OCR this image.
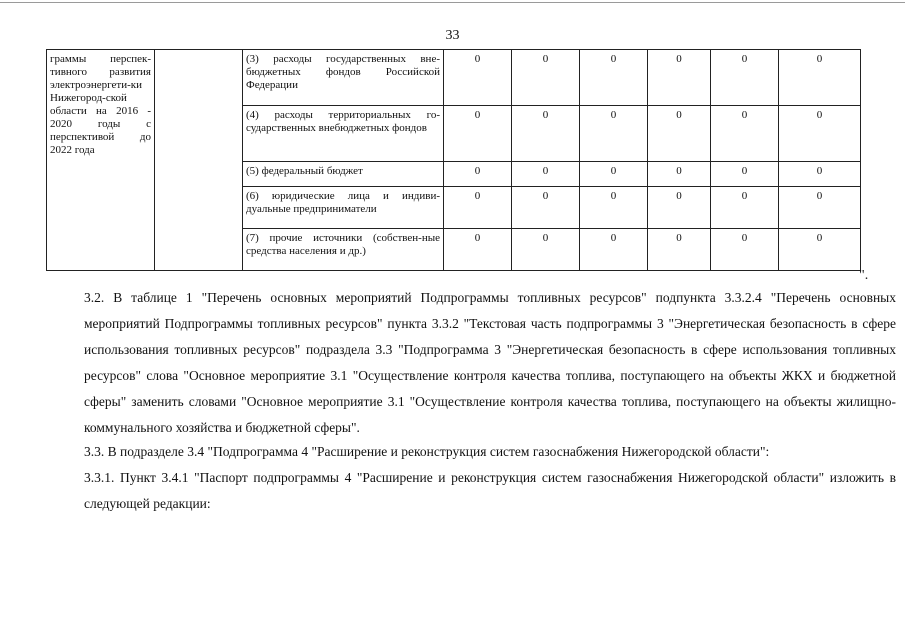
33
граммы перспек-тивного развития электроэнергети-ки Нижегород-ской области на 2016 - 2020 годы с перспективой до 2022 года		(3) расходы государственных вне-бюджетных фондов Российской Федерации	0	0	0	0	0	0
		(4) расходы территориальных го-сударственных внебюджетных фондов	0	0	0	0	0	0
		(5) федеральный бюджет	0	0	0	0	0	0
		(6) юридические лица и индиви-дуальные предприниматели	0	0	0	0	0	0
		(7) прочие источники (собствен-ные средства населения и др.)	0	0	0	0	0	0
".
3.2. В таблице 1 "Перечень основных мероприятий Подпрограммы топливных ресурсов" подпункта 3.3.2.4 "Перечень основных мероприятий Подпрограммы топливных ресурсов" пункта 3.3.2 "Текстовая часть подпрограммы 3 "Энергетическая безопасность в сфере использования топливных ресурсов" подраздела 3.3 "Подпрограмма 3 "Энергетическая безопасность в сфере использования топливных ресурсов" слова "Основное мероприятие 3.1 "Осуществление контроля качества топлива, поступающего на объекты ЖКХ и бюджетной сферы" заменить словами "Основное мероприятие 3.1 "Осуществление контроля качества топлива, поступающего на объекты жилищно-коммунального хозяйства и бюджетной сферы".
3.3. В подразделе 3.4 "Подпрограмма 4 "Расширение и реконструкция систем газоснабжения Нижегородской области":
3.3.1. Пункт 3.4.1 "Паспорт подпрограммы 4 "Расширение и реконструкция систем газоснабжения Нижегородской области" изложить в следующей редакции:
